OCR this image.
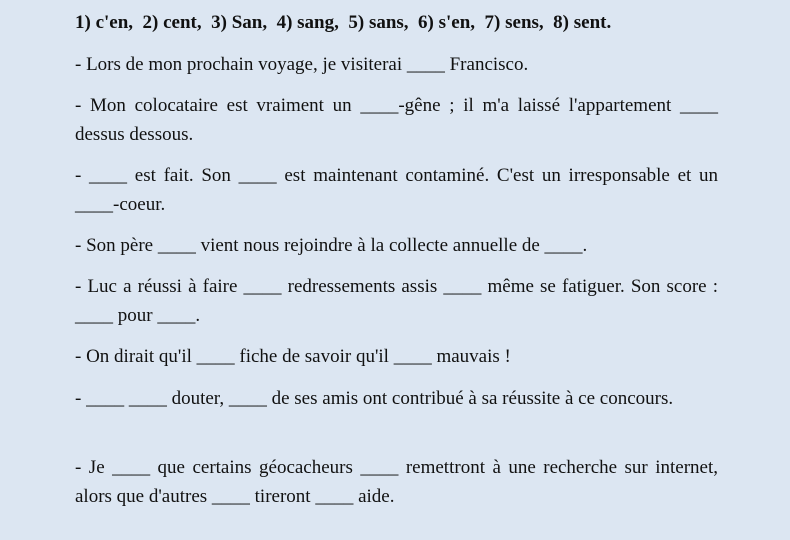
1) c'en,  2) cent,  3) San,  4) sang,  5) sans,  6) s'en,  7) sens,  8) sent.
- Lors de mon prochain voyage, je visiterai ____ Francisco.
- Mon colocataire est vraiment un ____-gêne ; il m'a laissé l'appartement ____ dessus dessous.
- ____ est fait. Son ____ est maintenant contaminé. C'est un irresponsable et un ____-coeur.
- Son père ____ vient nous rejoindre à la collecte annuelle de ____.
- Luc a réussi à faire ____ redressements assis ____ même se fatiguer. Son score : ____ pour ____.
- On dirait qu'il ____ fiche de savoir qu'il ____ mauvais !
- ____ ____ douter, ____ de ses amis ont contribué à sa réussite à ce concours.
- Je ____ que certains géocacheurs ____ remettront à une recherche sur internet, alors que d'autres ____ tireront ____ aide.
